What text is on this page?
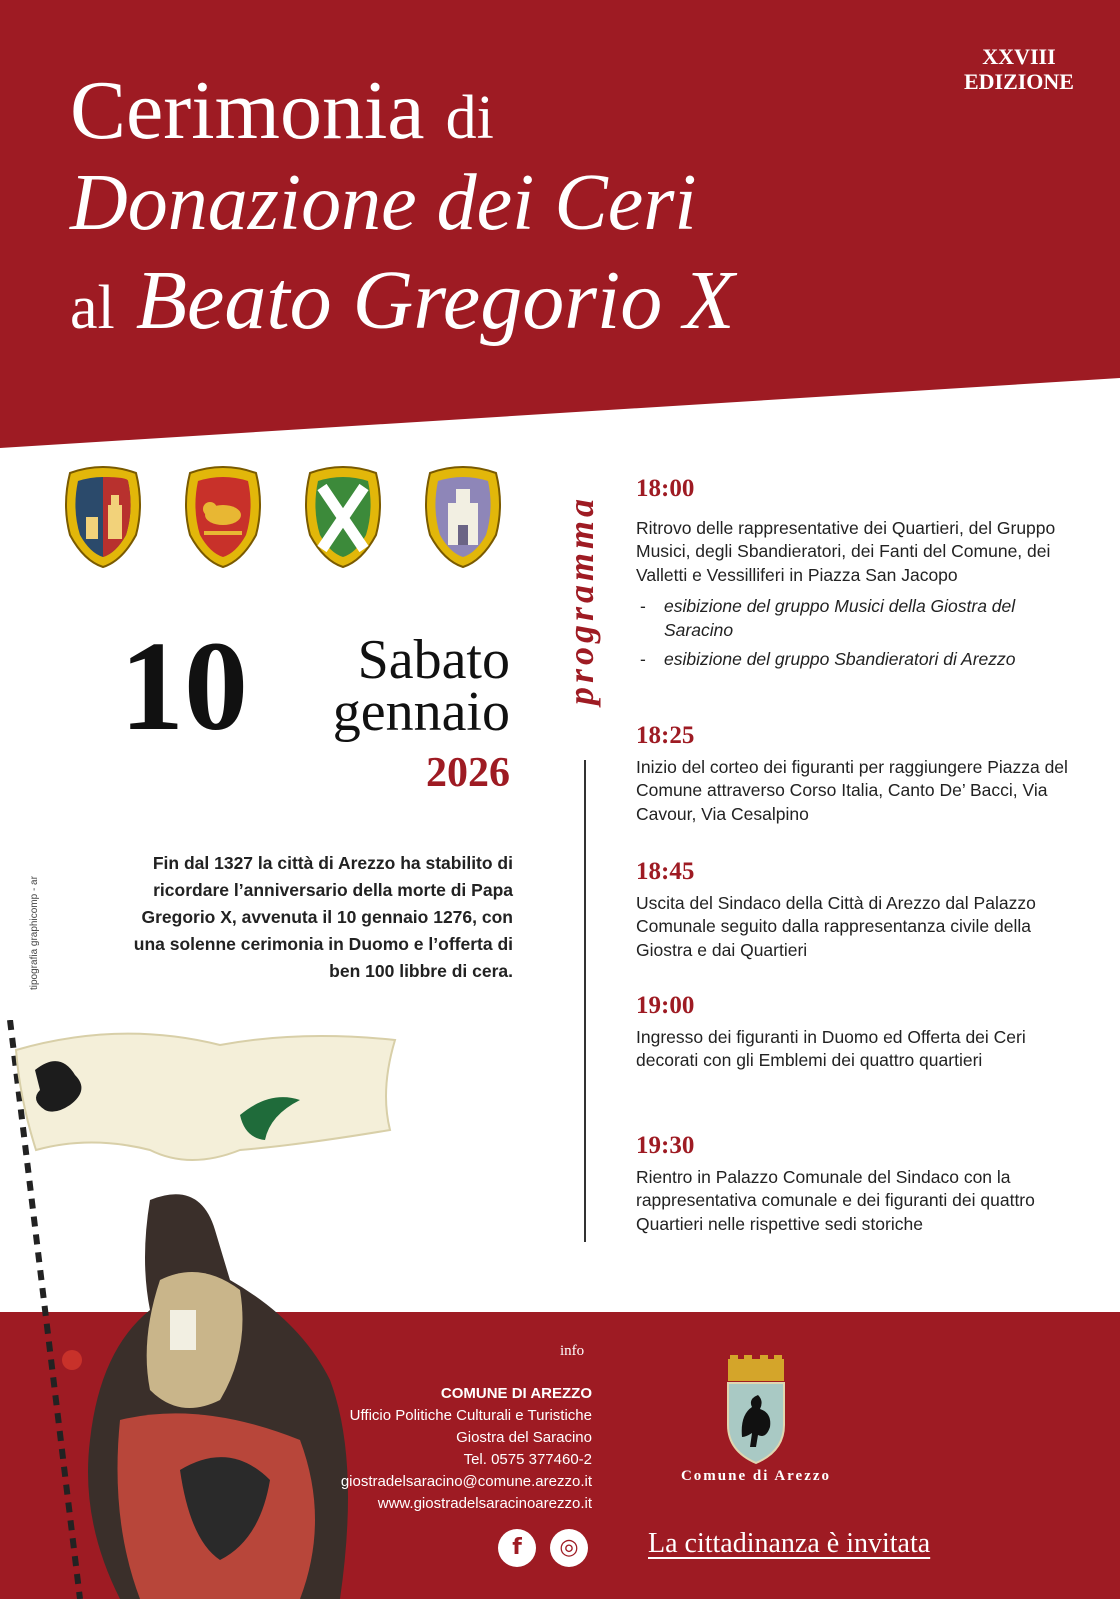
XXVIII
EDIZIONE
Cerimonia di
Donazione dei Ceri
al Beato Gregorio X
10	Sabato
gennaio
2026
tipografia graphicomp - ar
Fin dal 1327 la città di Arezzo ha stabilito di ricordare l’anniversario della morte di Papa Gregorio X, avvenuta il 10 gennaio 1276, con una solenne cerimonia in Duomo e l’offerta di ben 100 libbre di cera.
programma
18:00
Ritrovo delle rappresentative dei Quartieri, del Gruppo Musici, degli Sbandieratori, dei Fanti del Comune, dei Valletti e Vessilliferi in Piazza San Jacopo
- esibizione del gruppo Musici della Giostra del Saracino
- esibizione del gruppo Sbandieratori di Arezzo
18:25
Inizio del corteo dei figuranti per raggiungere Piazza del Comune attraverso Corso Italia, Canto De’ Bacci, Via Cavour, Via Cesalpino
18:45
Uscita del Sindaco della Città di Arezzo dal Palazzo Comunale seguito dalla rappresentanza civile della Giostra e dai Quartieri
19:00
Ingresso dei figuranti in Duomo ed Offerta dei Ceri decorati con gli Emblemi dei quattro quartieri
19:30
Rientro in Palazzo Comunale del Sindaco con la rappresentativa comunale e dei figuranti dei quattro Quartieri nelle rispettive sedi storiche
info
COMUNE DI AREZZO
Ufficio Politiche Culturali e Turistiche
Giostra del Saracino
Tel. 0575 377460-2
giostradelsaracino@comune.arezzo.it
www.giostradelsaracinoarezzo.it
f ◎
Comune di Arezzo
La cittadinanza è invitata
